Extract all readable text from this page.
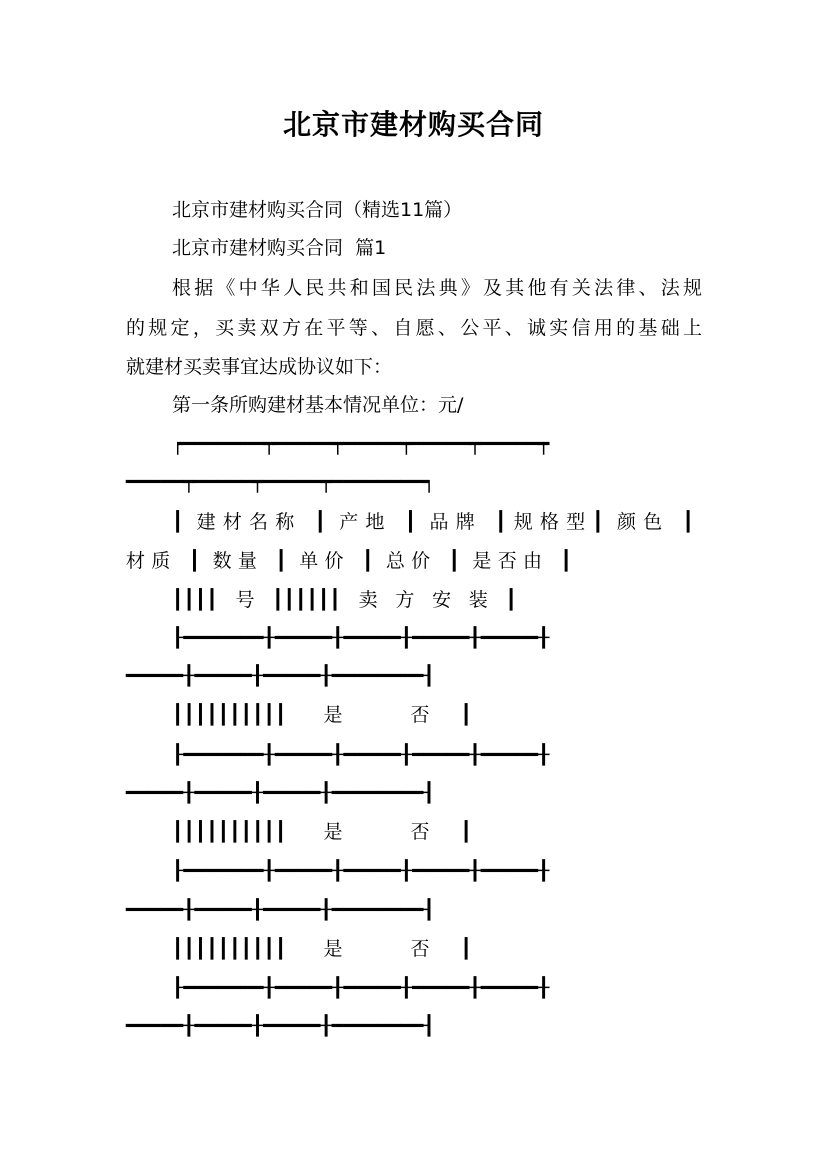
北京市建材购买合同
北京市建材购买合同（精选11篇）
北京市建材购买合同  篇1
根据《中华人民共和国民法典》及其他有关法律、法规
的规定，买卖双方在平等、自愿、公平、诚实信用的基础上
就建材买卖事宜达成协议如下：
第一条所购建材基本情况单位：元/
┍━━━━━━━┯━━━━━┯━━━━━┯━━━━━┯━━━━━┯
━━━━━┯━━━━━┯━━━━━┯━━━━━━━━┑
┃ 建材名称 ┃ 产地 ┃ 品牌 ┃规格型┃ 颜色 ┃
材质 ┃ 数量 ┃ 单价 ┃ 总价 ┃ 是否由 ┃
┃┃┃┃号┃┃┃┃┃┃卖方安装┃
┠━━━━━━━╂━━━━━╂━━━━━╂━━━━━╂━━━━━╂
━━━━━╂━━━━━╂━━━━━╂━━━━━━━━┨
┃┃┃┃┃┃┃┃┃┃ 是 否┃
┠━━━━━━━╂━━━━━╂━━━━━╂━━━━━╂━━━━━╂
━━━━━╂━━━━━╂━━━━━╂━━━━━━━━┨
┃┃┃┃┃┃┃┃┃┃ 是 否┃
┠━━━━━━━╂━━━━━╂━━━━━╂━━━━━╂━━━━━╂
━━━━━╂━━━━━╂━━━━━╂━━━━━━━━┨
┃┃┃┃┃┃┃┃┃┃ 是 否┃
┠━━━━━━━╂━━━━━╂━━━━━╂━━━━━╂━━━━━╂
━━━━━╂━━━━━╂━━━━━╂━━━━━━━━┨
